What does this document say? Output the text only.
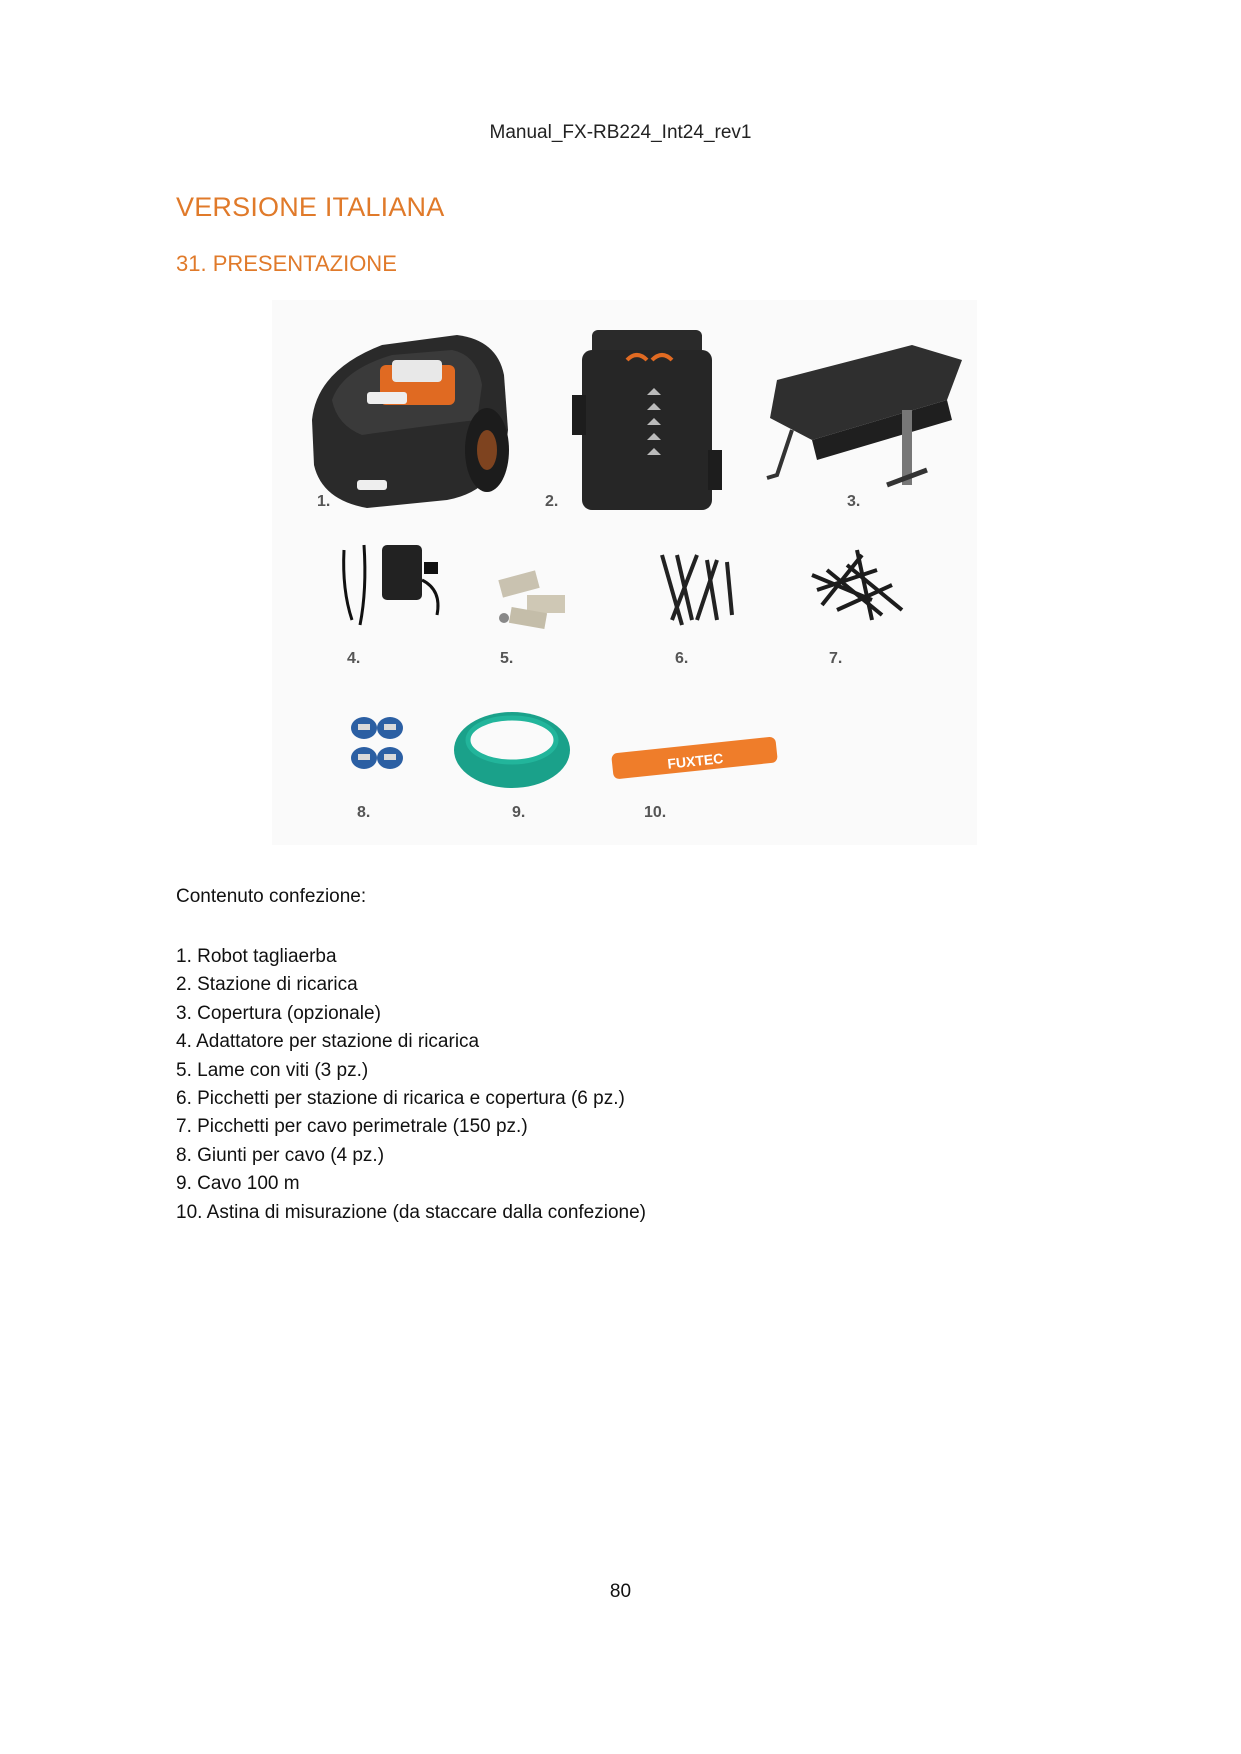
Manual_FX-RB224_Int24_rev1
VERSIONE ITALIANA
31. PRESENTAZIONE
FUXTEC
1.	2.	3.
4.	5.	6.	7.
8.	9.	10.
Contenuto confezione:
1. Robot tagliaerba
2. Stazione di ricarica
3. Copertura (opzionale)
4. Adattatore per stazione di ricarica
5. Lame con viti (3 pz.)
6. Picchetti per stazione di ricarica e copertura (6 pz.)
7. Picchetti per cavo perimetrale (150 pz.)
8. Giunti per cavo (4 pz.)
9. Cavo 100 m
10. Astina di misurazione (da staccare dalla confezione)
80
